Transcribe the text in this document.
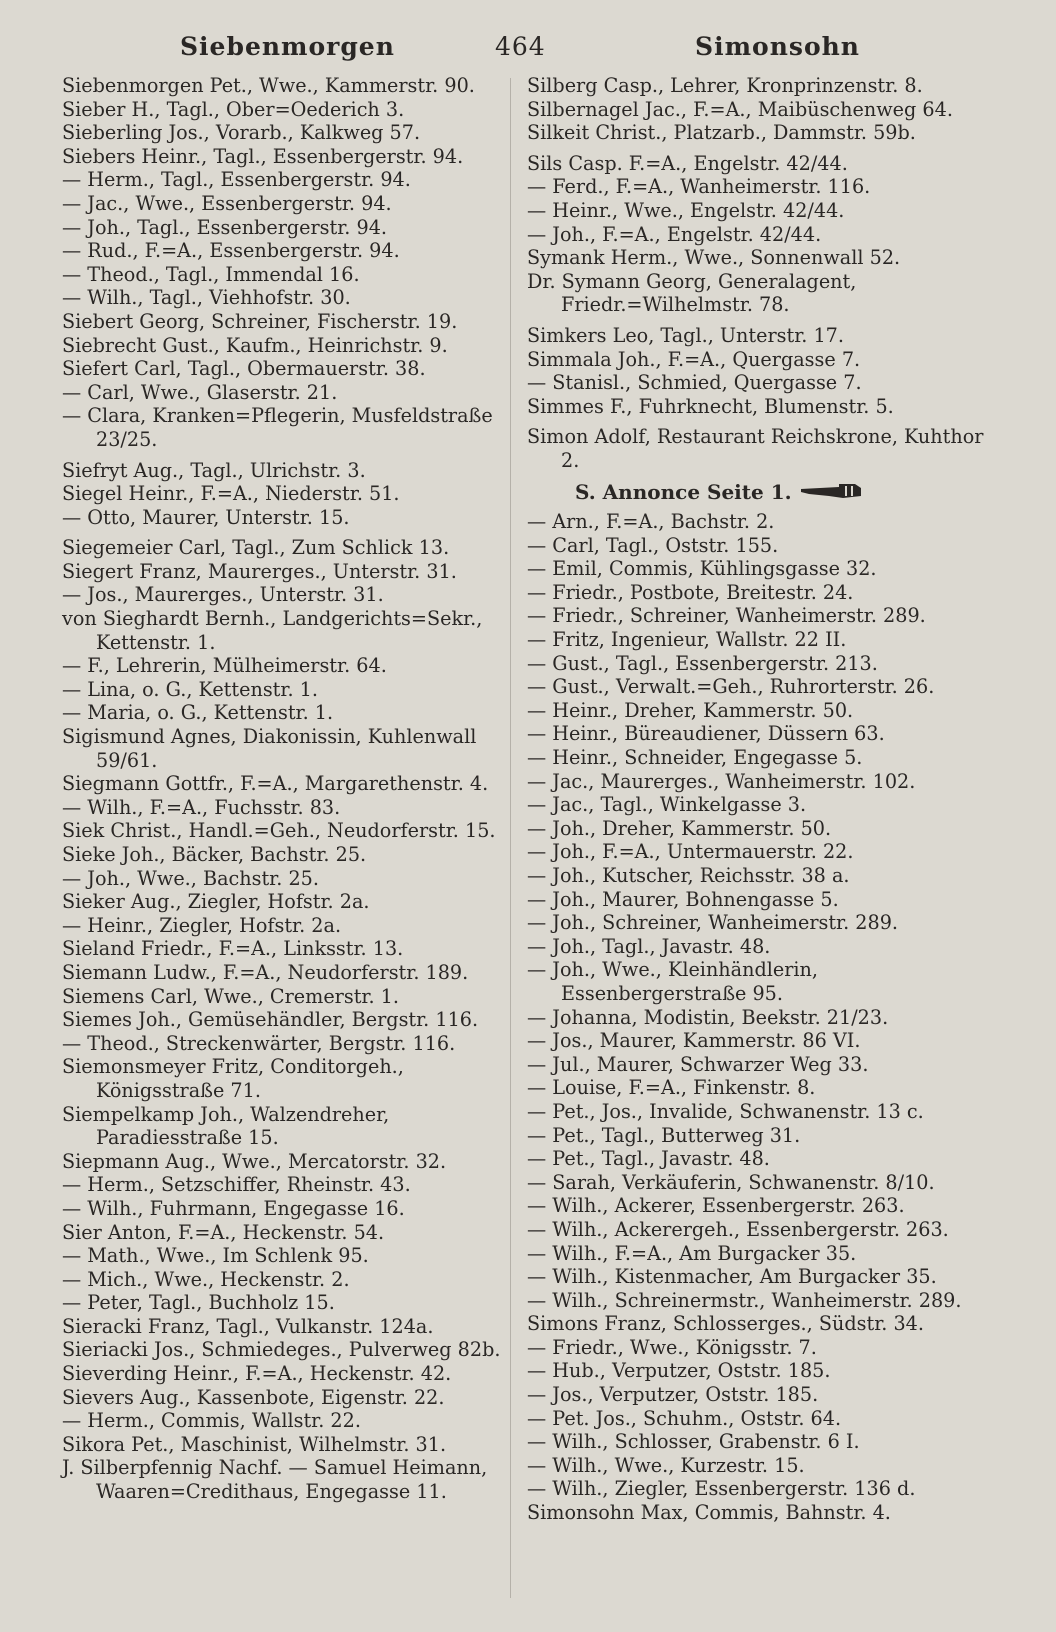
Siebenmorgen	464	Simonsohn
Siebenmorgen Pet., Wwe., Kammerstr. 90.
Sieber H., Tagl., Ober=Oederich 3.
Sieberling Jos., Vorarb., Kalkweg 57.
Siebers Heinr., Tagl., Essenbergerstr. 94.
— Herm., Tagl., Essenbergerstr. 94.
— Jac., Wwe., Essenbergerstr. 94.
— Joh., Tagl., Essenbergerstr. 94.
— Rud., F.=A., Essenbergerstr. 94.
— Theod., Tagl., Immendal 16.
— Wilh., Tagl., Viehhofstr. 30.
Siebert Georg, Schreiner, Fischerstr. 19.
Siebrecht Gust., Kaufm., Heinrichstr. 9.
Siefert Carl, Tagl., Obermauerstr. 38.
— Carl, Wwe., Glaserstr. 21.
— Clara, Kranken=Pflegerin, Musfeldstraße 23/25.
Siefryt Aug., Tagl., Ulrichstr. 3.
Siegel Heinr., F.=A., Niederstr. 51.
— Otto, Maurer, Unterstr. 15.
Siegemeier Carl, Tagl., Zum Schlick 13.
Siegert Franz, Maurerges., Unterstr. 31.
— Jos., Maurerges., Unterstr. 31.
von Sieghardt Bernh., Landgerichts=Sekr., Kettenstr. 1.
— F., Lehrerin, Mülheimerstr. 64.
— Lina, o. G., Kettenstr. 1.
— Maria, o. G., Kettenstr. 1.
Sigismund Agnes, Diakonissin, Kuhlenwall 59/61.
Siegmann Gottfr., F.=A., Margarethenstr. 4.
— Wilh., F.=A., Fuchsstr. 83.
Siek Christ., Handl.=Geh., Neudorferstr. 15.
Sieke Joh., Bäcker, Bachstr. 25.
— Joh., Wwe., Bachstr. 25.
Sieker Aug., Ziegler, Hofstr. 2a.
— Heinr., Ziegler, Hofstr. 2a.
Sieland Friedr., F.=A., Linksstr. 13.
Siemann Ludw., F.=A., Neudorferstr. 189.
Siemens Carl, Wwe., Cremerstr. 1.
Siemes Joh., Gemüsehändler, Bergstr. 116.
— Theod., Streckenwärter, Bergstr. 116.
Siemonsmeyer Fritz, Conditorgeh., Königsstraße 71.
Siempelkamp Joh., Walzendreher, Paradiesstraße 15.
Siepmann Aug., Wwe., Mercatorstr. 32.
— Herm., Setzschiffer, Rheinstr. 43.
— Wilh., Fuhrmann, Engegasse 16.
Sier Anton, F.=A., Heckenstr. 54.
— Math., Wwe., Im Schlenk 95.
— Mich., Wwe., Heckenstr. 2.
— Peter, Tagl., Buchholz 15.
Sieracki Franz, Tagl., Vulkanstr. 124a.
Sieriacki Jos., Schmiedeges., Pulverweg 82b.
Sieverding Heinr., F.=A., Heckenstr. 42.
Sievers Aug., Kassenbote, Eigenstr. 22.
— Herm., Commis, Wallstr. 22.
Sikora Pet., Maschinist, Wilhelmstr. 31.
J. Silberpfennig Nachf. — Samuel Heimann, Waaren=Credithaus, Engegasse 11.
Silberg Casp., Lehrer, Kronprinzenstr. 8.
Silbernagel Jac., F.=A., Maibüschenweg 64.
Silkeit Christ., Platzarb., Dammstr. 59b.
Sils Casp. F.=A., Engelstr. 42/44.
— Ferd., F.=A., Wanheimerstr. 116.
— Heinr., Wwe., Engelstr. 42/44.
— Joh., F.=A., Engelstr. 42/44.
Symank Herm., Wwe., Sonnenwall 52.
Dr. Symann Georg, Generalagent, Friedr.=Wilhelmstr. 78.
Simkers Leo, Tagl., Unterstr. 17.
Simmala Joh., F.=A., Quergasse 7.
— Stanisl., Schmied, Quergasse 7.
Simmes F., Fuhrknecht, Blumenstr. 5.
Simon Adolf, Restaurant Reichskrone, Kuhthor 2.
S. Annonce Seite 1.
— Arn., F.=A., Bachstr. 2.
— Carl, Tagl., Oststr. 155.
— Emil, Commis, Kühlingsgasse 32.
— Friedr., Postbote, Breitestr. 24.
— Friedr., Schreiner, Wanheimerstr. 289.
— Fritz, Ingenieur, Wallstr. 22 II.
— Gust., Tagl., Essenbergerstr. 213.
— Gust., Verwalt.=Geh., Ruhrorterstr. 26.
— Heinr., Dreher, Kammerstr. 50.
— Heinr., Büreaudiener, Düssern 63.
— Heinr., Schneider, Engegasse 5.
— Jac., Maurerges., Wanheimerstr. 102.
— Jac., Tagl., Winkelgasse 3.
— Joh., Dreher, Kammerstr. 50.
— Joh., F.=A., Untermauerstr. 22.
— Joh., Kutscher, Reichsstr. 38 a.
— Joh., Maurer, Bohnengasse 5.
— Joh., Schreiner, Wanheimerstr. 289.
— Joh., Tagl., Javastr. 48.
— Joh., Wwe., Kleinhändlerin, Essenbergerstraße 95.
— Johanna, Modistin, Beekstr. 21/23.
— Jos., Maurer, Kammerstr. 86 VI.
— Jul., Maurer, Schwarzer Weg 33.
— Louise, F.=A., Finkenstr. 8.
— Pet., Jos., Invalide, Schwanenstr. 13 c.
— Pet., Tagl., Butterweg 31.
— Pet., Tagl., Javastr. 48.
— Sarah, Verkäuferin, Schwanenstr. 8/10.
— Wilh., Ackerer, Essenbergerstr. 263.
— Wilh., Ackerergeh., Essenbergerstr. 263.
— Wilh., F.=A., Am Burgacker 35.
— Wilh., Kistenmacher, Am Burgacker 35.
— Wilh., Schreinermstr., Wanheimerstr. 289.
Simons Franz, Schlosserges., Südstr. 34.
— Friedr., Wwe., Königsstr. 7.
— Hub., Verputzer, Oststr. 185.
— Jos., Verputzer, Oststr. 185.
— Pet. Jos., Schuhm., Oststr. 64.
— Wilh., Schlosser, Grabenstr. 6 I.
— Wilh., Wwe., Kurzestr. 15.
— Wilh., Ziegler, Essenbergerstr. 136 d.
Simonsohn Max, Commis, Bahnstr. 4.
